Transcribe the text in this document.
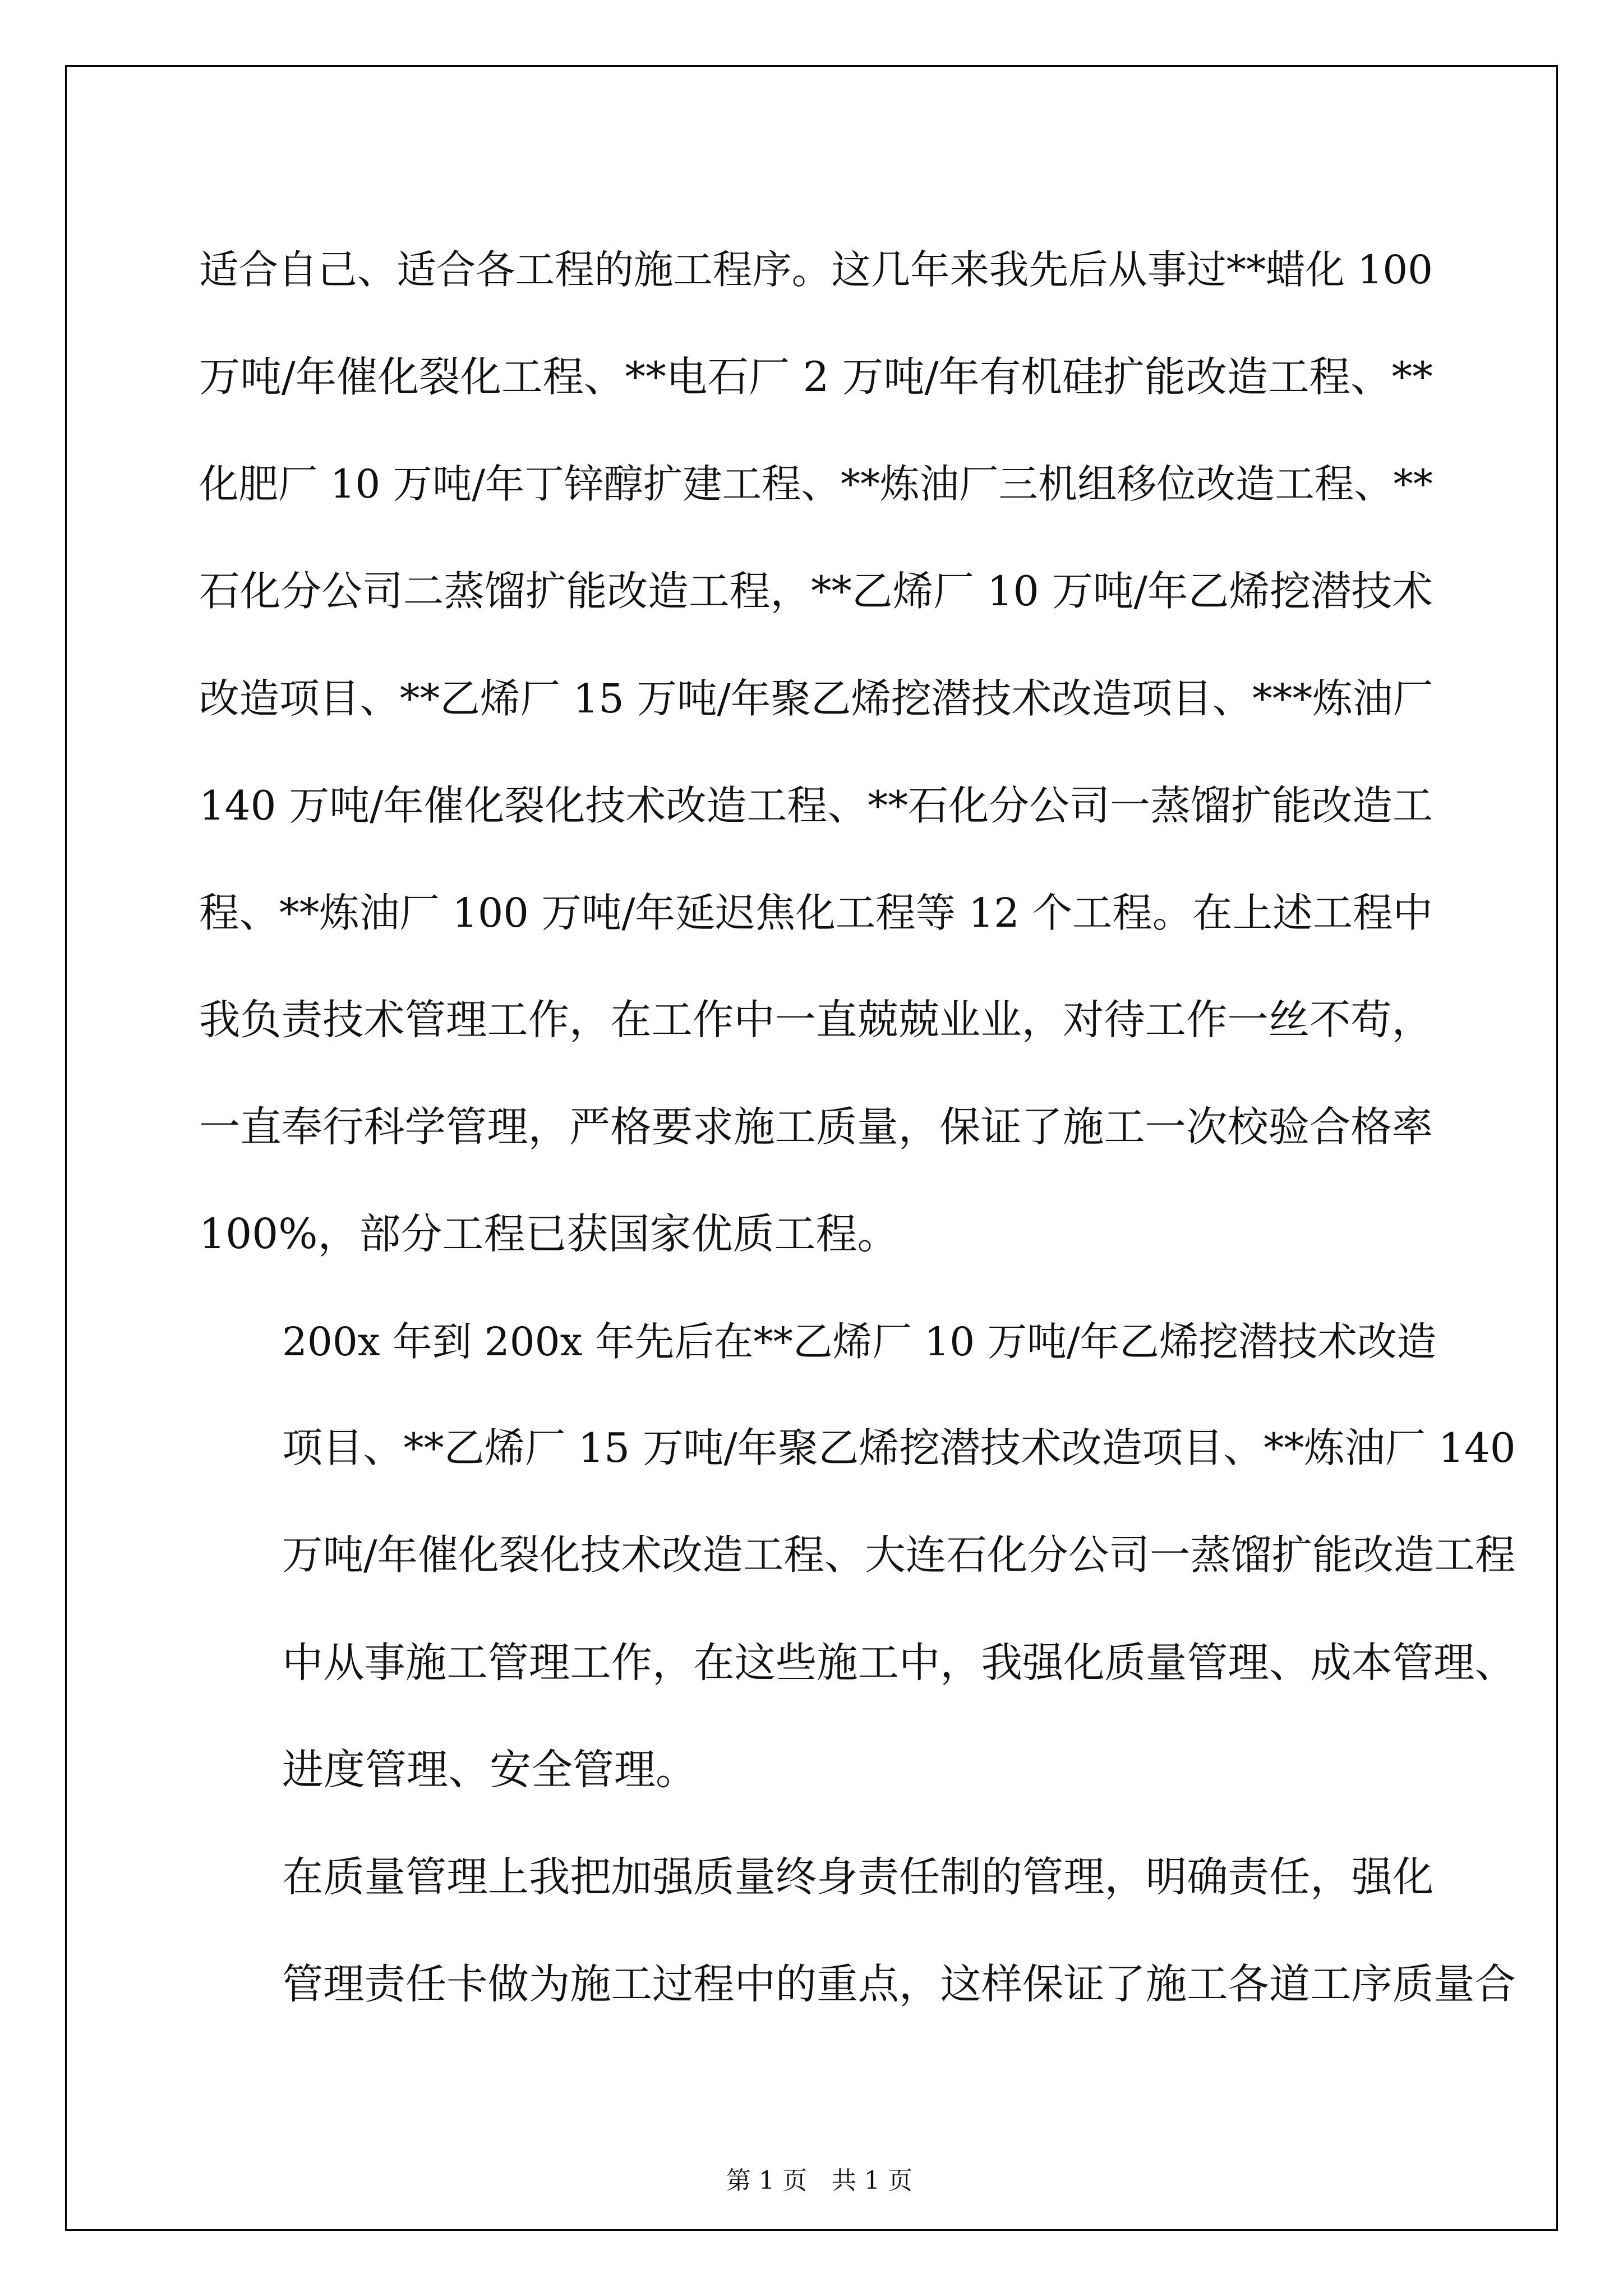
适合自己、适合各工程的施工程序。这几年来我先后从事过**蜡化 100
万吨/年催化裂化工程、**电石厂 2 万吨/年有机硅扩能改造工程、**
化肥厂 10 万吨/年丁锌醇扩建工程、**炼油厂三机组移位改造工程、**
石化分公司二蒸馏扩能改造工程，**乙烯厂 10 万吨/年乙烯挖潜技术
改造项目、**乙烯厂 15 万吨/年聚乙烯挖潜技术改造项目、***炼油厂
140 万吨/年催化裂化技术改造工程、**石化分公司一蒸馏扩能改造工
程、**炼油厂 100 万吨/年延迟焦化工程等 12 个工程。在上述工程中
我负责技术管理工作，在工作中一直兢兢业业，对待工作一丝不苟，
一直奉行科学管理，严格要求施工质量，保证了施工一次校验合格率
100%，部分工程已获国家优质工程。

200x 年到 200x 年先后在**乙烯厂 10 万吨/年乙烯挖潜技术改造
项目、**乙烯厂 15 万吨/年聚乙烯挖潜技术改造项目、**炼油厂 140
万吨/年催化裂化技术改造工程、大连石化分公司一蒸馏扩能改造工程
中从事施工管理工作，在这些施工中，我强化质量管理、成本管理、
进度管理、安全管理。

在质量管理上我把加强质量终身责任制的管理，明确责任，强化
管理责任卡做为施工过程中的重点，这样保证了施工各道工序质量合

第 1 页　共 1 页
